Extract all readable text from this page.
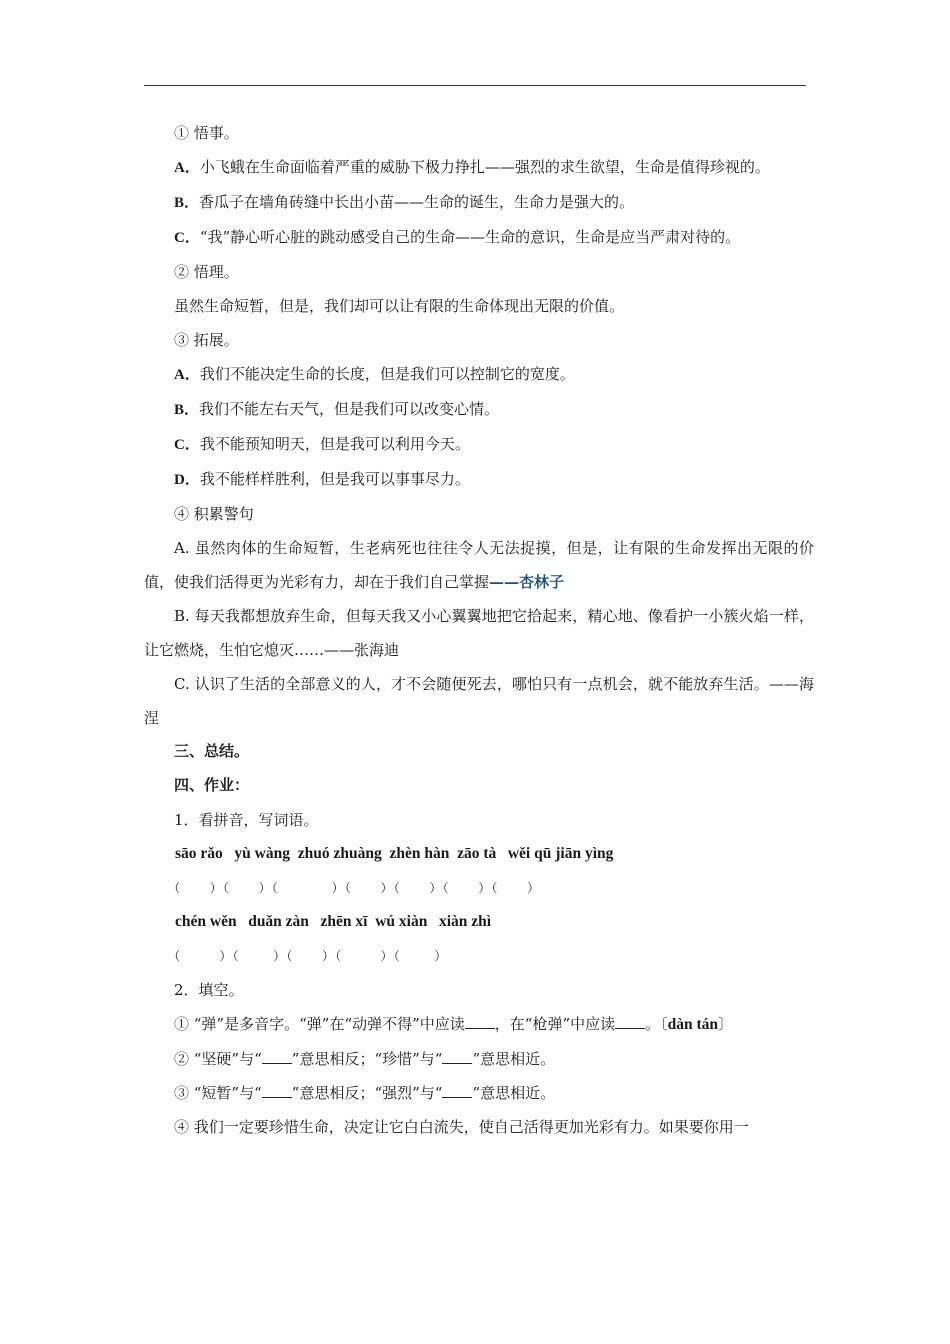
① 悟事。

A．小飞蛾在生命面临着严重的威胁下极力挣扎——强烈的求生欲望，生命是值得珍视的。

B．香瓜子在墙角砖缝中长出小苗——生命的诞生，生命力是强大的。

C．“我”静心听心脏的跳动感受自己的生命——生命的意识，生命是应当严肃对待的。

② 悟理。

虽然生命短暂，但是，我们却可以让有限的生命体现出无限的价值。

③ 拓展。

A．我们不能决定生命的长度，但是我们可以控制它的宽度。

B．我们不能左右天气，但是我们可以改变心情。

C．我不能预知明天，但是我可以利用今天。

D．我不能样样胜利，但是我可以事事尽力。

④ 积累警句

A. 虽然肉体的生命短暂，生老病死也往往令人无法捉摸，但是，让有限的生命发挥出无限的价值，使我们活得更为光彩有力，却在于我们自己掌握——杏林子

B. 每天我都想放弃生命，但每天我又小心翼翼地把它拾起来，精心地、像看护一小簇火焰一样，让它燃烧，生怕它熄灭……——张海迪

C. 认识了生活的全部意义的人，才不会随便死去，哪怕只有一点机会，就不能放弃生活。——海涅

三、总结。

四、作业：

1．看拼音，写词语。

sāo rǎo   yù wàng  zhuó zhuàng  zhèn hàn  zāo tà   wěi qū jiān yìng

（      ）（      ）（           ）（      ）（      ）（      ）（      ）

chén wěn   duǎn zàn   zhēn xī  wú xiàn   xiàn zhì

（        ）（       ）（      ）（        ）（       ）

2．填空。

① “弹”是多音字。“弹”在“动弹不得”中应读 ，在“枪弹”中应读 。〔dàn tán〕

② “坚硬”与“ ”意思相反；“珍惜”与“ ”意思相近。

③ “短暂”与“ ”意思相反；“强烈”与“ ”意思相近。

④ 我们一定要珍惜生命，决定让它白白流失，使自己活得更加光彩有力。如果要你用一
